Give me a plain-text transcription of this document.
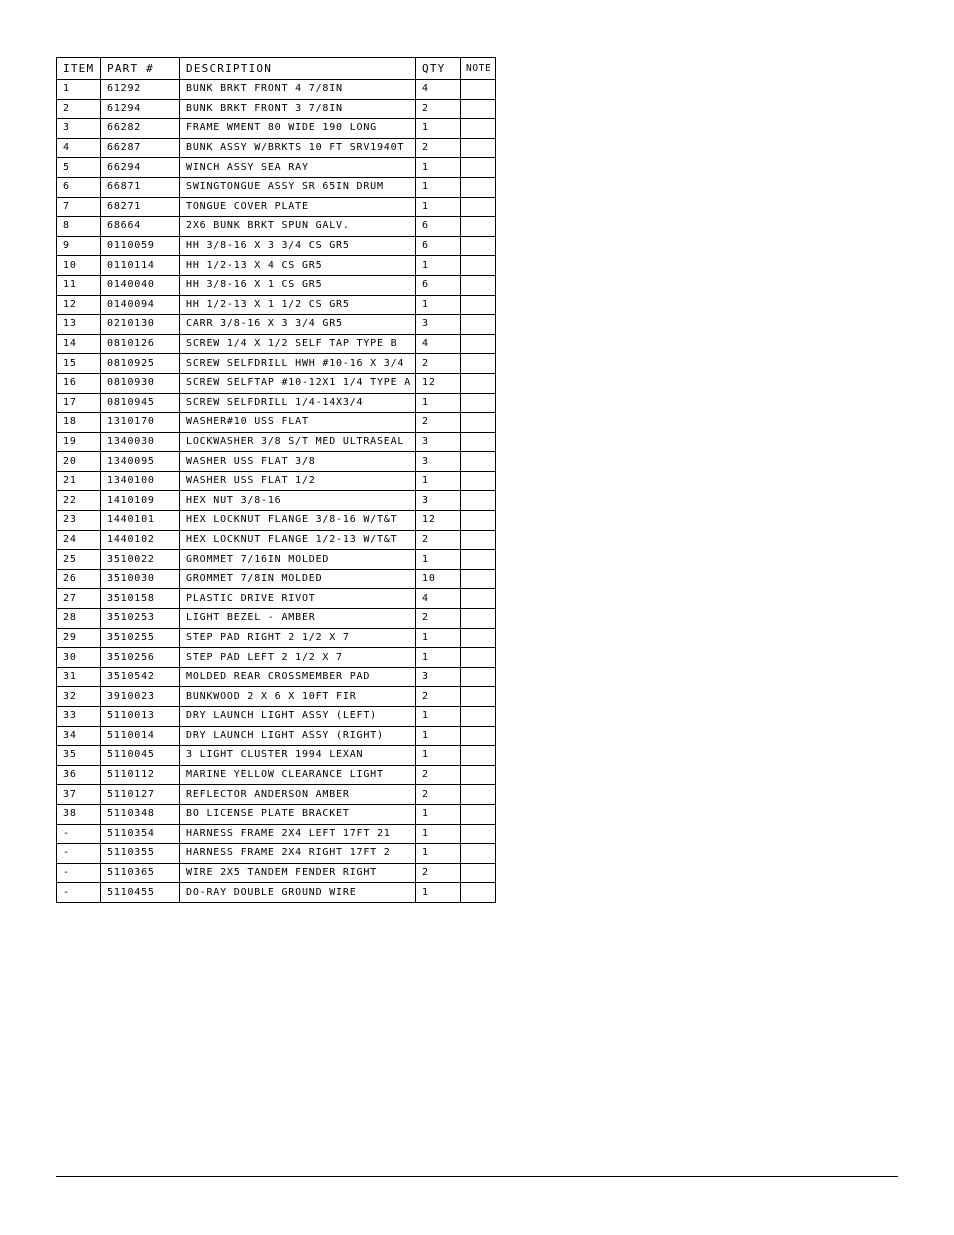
ITEM	PART #	DESCRIPTION	QTY	NOTE
1	61292	BUNK BRKT FRONT 4 7/8IN	4	
2	61294	BUNK BRKT FRONT 3 7/8IN	2	
3	66282	FRAME WMENT 80 WIDE 190 LONG	1	
4	66287	BUNK ASSY W/BRKTS 10 FT SRV1940T	2	
5	66294	WINCH ASSY SEA RAY	1	
6	66871	SWINGTONGUE ASSY SR 65IN DRUM	1	
7	68271	TONGUE COVER PLATE	1	
8	68664	2X6 BUNK BRKT SPUN GALV.	6	
9	0110059	HH 3/8-16 X 3 3/4 CS GR5	6	
10	0110114	HH 1/2-13 X 4 CS GR5	1	
11	0140040	HH 3/8-16 X 1 CS GR5	6	
12	0140094	HH 1/2-13 X 1 1/2 CS GR5	1	
13	0210130	CARR 3/8-16 X 3 3/4 GR5	3	
14	0810126	SCREW 1/4 X 1/2 SELF TAP TYPE B	4	
15	0810925	SCREW SELFDRILL HWH #10-16 X 3/4	2	
16	0810930	SCREW SELFTAP #10-12X1 1/4 TYPE A	12	
17	0810945	SCREW SELFDRILL 1/4-14X3/4	1	
18	1310170	WASHER#10 USS FLAT	2	
19	1340030	LOCKWASHER 3/8 S/T MED ULTRASEAL	3	
20	1340095	WASHER USS FLAT 3/8	3	
21	1340100	WASHER USS FLAT 1/2	1	
22	1410109	HEX NUT 3/8-16	3	
23	1440101	HEX LOCKNUT FLANGE 3/8-16 W/T&T	12	
24	1440102	HEX LOCKNUT FLANGE 1/2-13 W/T&T	2	
25	3510022	GROMMET 7/16IN MOLDED	1	
26	3510030	GROMMET 7/8IN MOLDED	10	
27	3510158	PLASTIC DRIVE RIVOT	4	
28	3510253	LIGHT BEZEL - AMBER	2	
29	3510255	STEP PAD RIGHT 2 1/2 X 7	1	
30	3510256	STEP PAD LEFT 2 1/2 X 7	1	
31	3510542	MOLDED REAR CROSSMEMBER PAD	3	
32	3910023	BUNKWOOD 2 X 6 X 10FT FIR	2	
33	5110013	DRY LAUNCH LIGHT ASSY (LEFT)	1	
34	5110014	DRY LAUNCH LIGHT ASSY (RIGHT)	1	
35	5110045	3 LIGHT CLUSTER 1994 LEXAN	1	
36	5110112	MARINE YELLOW CLEARANCE LIGHT	2	
37	5110127	REFLECTOR ANDERSON AMBER	2	
38	5110348	BO LICENSE PLATE BRACKET	1	
-	5110354	HARNESS FRAME 2X4 LEFT 17FT 21	1	
-	5110355	HARNESS FRAME 2X4 RIGHT 17FT 2	1	
-	5110365	WIRE 2X5 TANDEM FENDER RIGHT	2	
-	5110455	DO-RAY DOUBLE GROUND WIRE	1	
